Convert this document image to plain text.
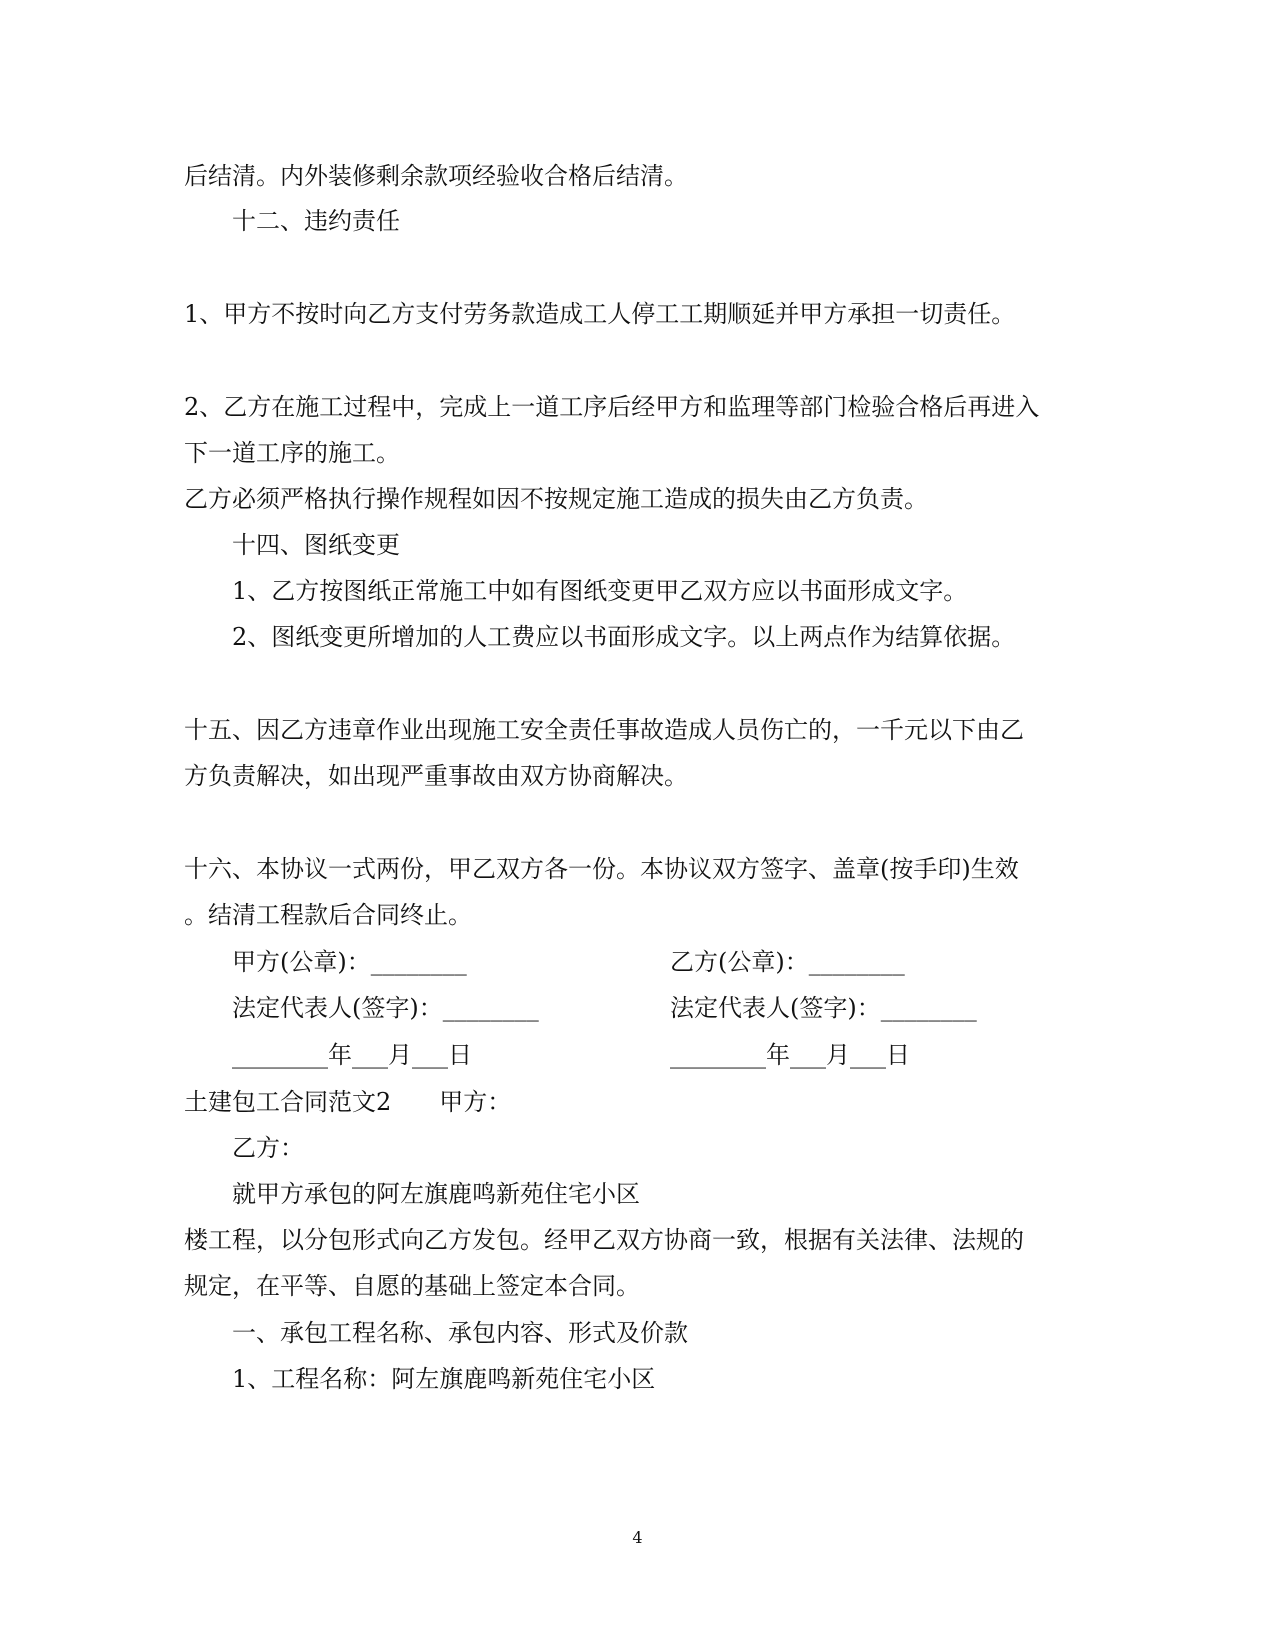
后结清。内外装修剩余款项经验收合格后结清。
十二、违约责任
1、甲方不按时向乙方支付劳务款造成工人停工工期顺延并甲方承担一切责任。
2、乙方在施工过程中，完成上一道工序后经甲方和监理等部门检验合格后再进入
下一道工序的施工。
乙方必须严格执行操作规程如因不按规定施工造成的损失由乙方负责。
十四、图纸变更
1、乙方按图纸正常施工中如有图纸变更甲乙双方应以书面形成文字。
2、图纸变更所增加的人工费应以书面形成文字。以上两点作为结算依据。
十五、因乙方违章作业出现施工安全责任事故造成人员伤亡的，一千元以下由乙
方负责解决，如出现严重事故由双方协商解决。
十六、本协议一式两份，甲乙双方各一份。本协议双方签字、盖章(按手印)生效
。结清工程款后合同终止。
甲方(公章)：________	乙方(公章)：________
法定代表人(签字)：________	法定代表人(签字)：________
________年___月___日	________年___月___日
土建包工合同范文2　　甲方：
乙方：
就甲方承包的阿左旗鹿鸣新苑住宅小区
楼工程，以分包形式向乙方发包。经甲乙双方协商一致，根据有关法律、法规的
规定，在平等、自愿的基础上签定本合同。
一、承包工程名称、承包内容、形式及价款
1、工程名称：阿左旗鹿鸣新苑住宅小区
4
